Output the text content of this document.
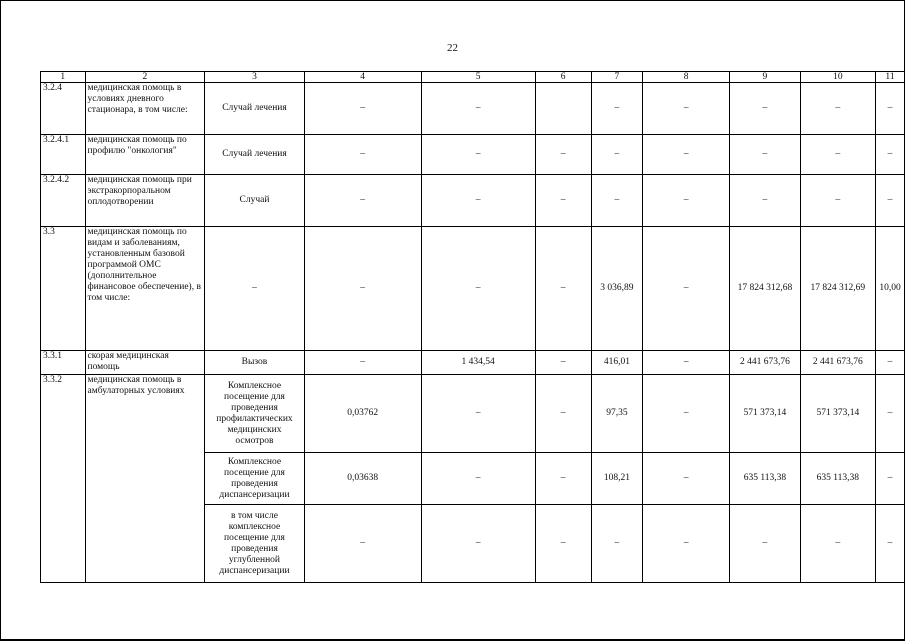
22
1	2	3	4	5	6	7	8	9	10	11
3.2.4	медицинская помощь в условиях дневного стационара, в том числе:	Случай лечения	–	–		–	–	–	–	–
3.2.4.1	медицинская помощь по профилю "онкология"	Случай лечения	–	–	–	–	–	–	–	–
3.2.4.2	медицинская помощь при экстракорпоральном оплодотворении	Случай	–	–	–	–	–	–	–	–
3.3	медицинская помощь по видам и заболеваниям, установленным базовой программой ОМС (дополнительное финансовое обеспечение), в том числе:	–	–	–	–	3 036,89	–	17 824 312,68	17 824 312,69	10,00
3.3.1	скорая медицинская помощь	Вызов	–	1 434,54	–	416,01	–	2 441 673,76	2 441 673,76	–
3.3.2	медицинская помощь в амбулаторных условиях	Комплексное посещение для проведения профилактических медицинских осмотров	0,03762	–	–	97,35	–	571 373,14	571 373,14	–
		Комплексное посещение для проведения диспансеризации	0,03638	–	–	108,21	–	635 113,38	635 113,38	–
		в том числе комплексное посещение для проведения углубленной диспансеризации	–	–	–	–	–	–	–	–
